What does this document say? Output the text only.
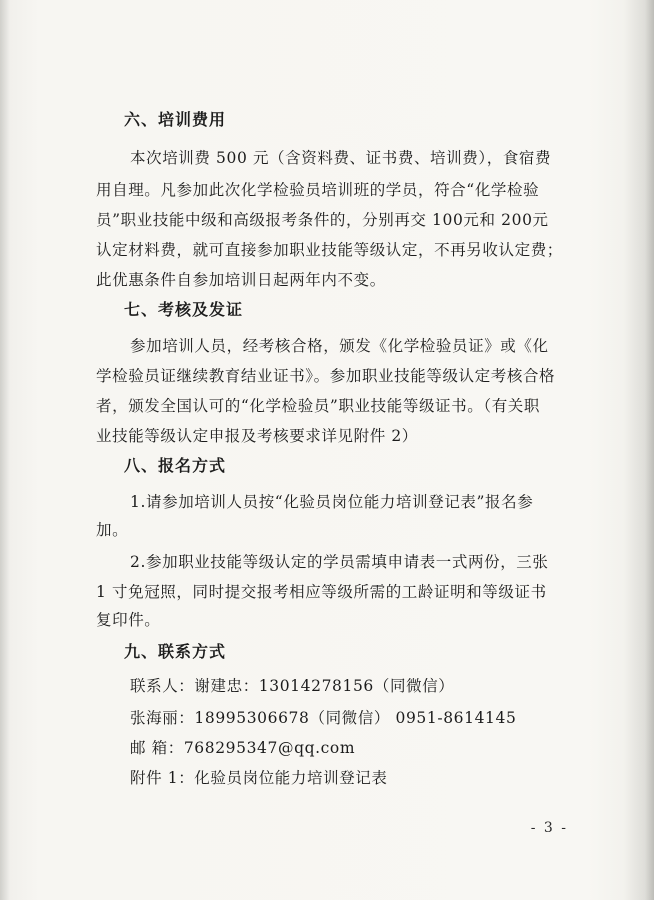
六、培训费用
本次培训费 500 元（含资料费、证书费、培训费），食宿费
用自理。凡参加此次化学检验员培训班的学员，符合“化学检验
员”职业技能中级和高级报考条件的，分别再交 100元和 200元
认定材料费，就可直接参加职业技能等级认定，不再另收认定费；
此优惠条件自参加培训日起两年内不变。
七、考核及发证
参加培训人员，经考核合格，颁发《化学检验员证》或《化
学检验员证继续教育结业证书》。参加职业技能等级认定考核合格
者，颁发全国认可的“化学检验员”职业技能等级证书。（有关职
业技能等级认定申报及考核要求详见附件 2）
八、报名方式
1.请参加培训人员按“化验员岗位能力培训登记表”报名参
加。
2.参加职业技能等级认定的学员需填申请表一式两份，三张
1 寸免冠照，同时提交报考相应等级所需的工龄证明和等级证书
复印件。
九、联系方式
联系人：谢建忠：13014278156（同微信）
张海丽：18995306678（同微信） 0951-8614145
邮 箱：768295347@qq.com
附件 1：化验员岗位能力培训登记表
- 3 -
